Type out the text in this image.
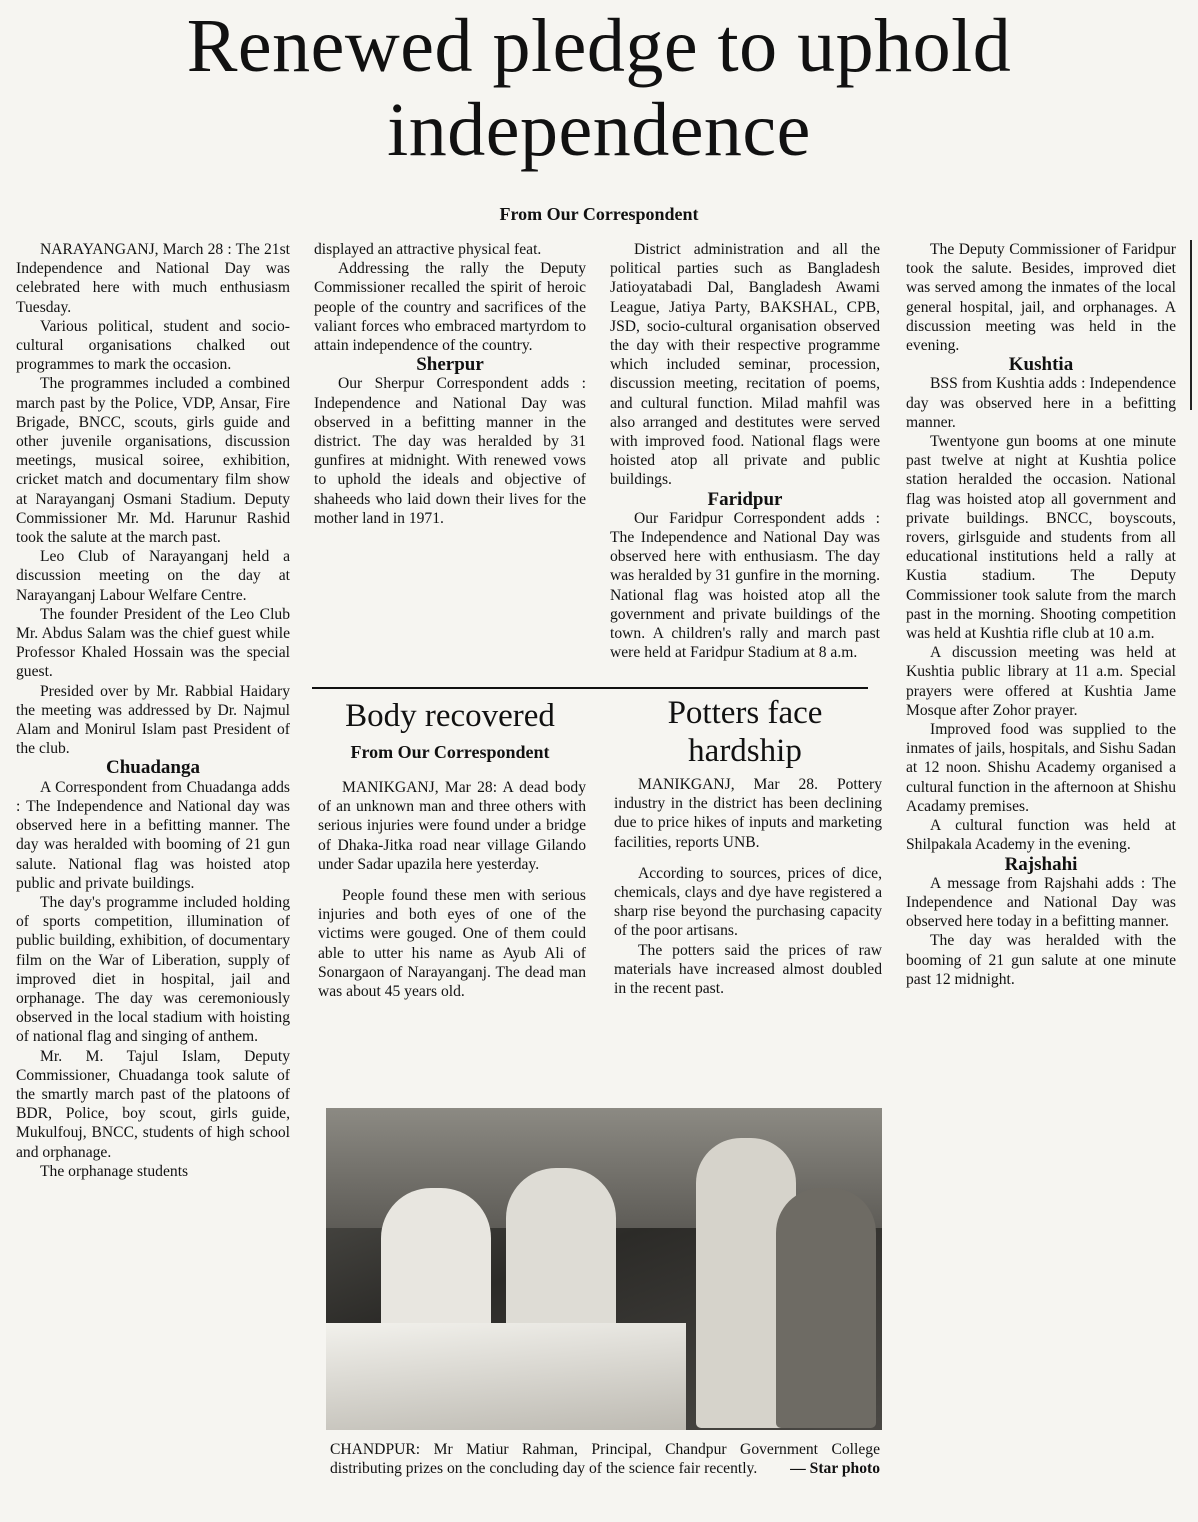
Renewed pledge to uphold independence
From Our Correspondent

NARAYANGANJ, March 28 : The 21st Independence and National Day was celebrated here with much enthusiasm Tuesday.

Various political, student and socio-cultural organisations chalked out programmes to mark the occasion.

The programmes included a combined march past by the Police, VDP, Ansar, Fire Brigade, BNCC, scouts, girls guide and other juvenile organisations, discussion meetings, musical soiree, exhibition, cricket match and documentary film show at Narayanganj Osmani Stadium. Deputy Commissioner Mr. Md. Harunur Rashid took the salute at the march past.

Leo Club of Narayanganj held a discussion meeting on the day at Narayanganj Labour Welfare Centre.

The founder President of the Leo Club Mr. Abdus Salam was the chief guest while Professor Khaled Hossain was the special guest.

Presided over by Mr. Rabbial Haidary the meeting was addressed by Dr. Najmul Alam and Monirul Islam past President of the club.

Chuadanga

A Correspondent from Chuadanga adds : The Independence and National day was observed here in a befitting manner. The day was heralded with booming of 21 gun salute. National flag was hoisted atop public and private buildings.

The day's programme included holding of sports competition, illumination of public building, exhibition, of documentary film on the War of Liberation, supply of improved diet in hospital, jail and orphanage. The day was ceremoniously observed in the local stadium with hoisting of national flag and singing of anthem.

Mr. M. Tajul Islam, Deputy Commissioner, Chuadanga took salute of the smartly march past of the platoons of BDR, Police, boy scout, girls guide, Mukulfouj, BNCC, students of high school and orphanage.

The orphanage students

displayed an attractive physical feat.

Addressing the rally the Deputy Commissioner recalled the spirit of heroic people of the country and sacrifices of the valiant forces who embraced martyrdom to attain independence of the country.

Sherpur

Our Sherpur Correspondent adds : Independence and National Day was observed in a befitting manner in the district. The day was heralded by 31 gunfires at midnight. With renewed vows to uphold the ideals and objective of shaheeds who laid down their lives for the mother land in 1971.

District administration and all the political parties such as Bangladesh Jatioyatabadi Dal, Bangladesh Awami League, Jatiya Party, BAKSHAL, CPB, JSD, socio-cultural organisation observed the day with their respective programme which included seminar, procession, discussion meeting, recitation of poems, and cultural function. Milad mahfil was also arranged and destitutes were served with improved food. National flags were hoisted atop all private and public buildings.

Faridpur

Our Faridpur Correspondent adds : The Independence and National Day was observed here with enthusiasm. The day was heralded by 31 gunfire in the morning. National flag was hoisted atop all the government and private buildings of the town. A children's rally and march past were held at Faridpur Stadium at 8 a.m.

The Deputy Commissioner of Faridpur took the salute. Besides, improved diet was served among the inmates of the local general hospital, jail, and orphanages. A discussion meeting was held in the evening.

Kushtia

BSS from Kushtia adds : Independence day was observed here in a befitting manner.

Twentyone gun booms at one minute past twelve at night at Kushtia police station heralded the occasion. National flag was hoisted atop all government and private buildings. BNCC, boyscouts, rovers, girlsguide and students from all educational institutions held a rally at Kustia stadium. The Deputy Commissioner took salute from the march past in the morning. Shooting competition was held at Kushtia rifle club at 10 a.m.

A discussion meeting was held at Kushtia public library at 11 a.m. Special prayers were offered at Kushtia Jame Mosque after Zohor prayer.

Improved food was supplied to the inmates of jails, hospitals, and Sishu Sadan at 12 noon. Shishu Academy organised a cultural function in the afternoon at Shishu Acadamy premises.

A cultural function was held at Shilpakala Academy in the evening.

Rajshahi

A message from Rajshahi adds : The Independence and National Day was observed here today in a befitting manner.

The day was heralded with the booming of 21 gun salute at one minute past 12 midnight.

Body recovered
From Our Correspondent

MANIKGANJ, Mar 28: A dead body of an unknown man and three others with serious injuries were found under a bridge of Dhaka-Jitka road near village Gilando under Sadar upazila here yesterday.

People found these men with serious injuries and both eyes of one of the victims were gouged. One of them could able to utter his name as Ayub Ali of Sonargaon of Narayanganj. The dead man was about 45 years old.

Potters face hardship

MANIKGANJ, Mar 28. Pottery industry in the district has been declining due to price hikes of inputs and marketing facilities, reports UNB.

According to sources, prices of dice, chemicals, clays and dye have registered a sharp rise beyond the purchasing capacity of the poor artisans.

The potters said the prices of raw materials have increased almost doubled in the recent past.

CHANDPUR: Mr Matiur Rahman, Principal, Chandpur Government College distributing prizes on the concluding day of the science fair recently. — Star photo
